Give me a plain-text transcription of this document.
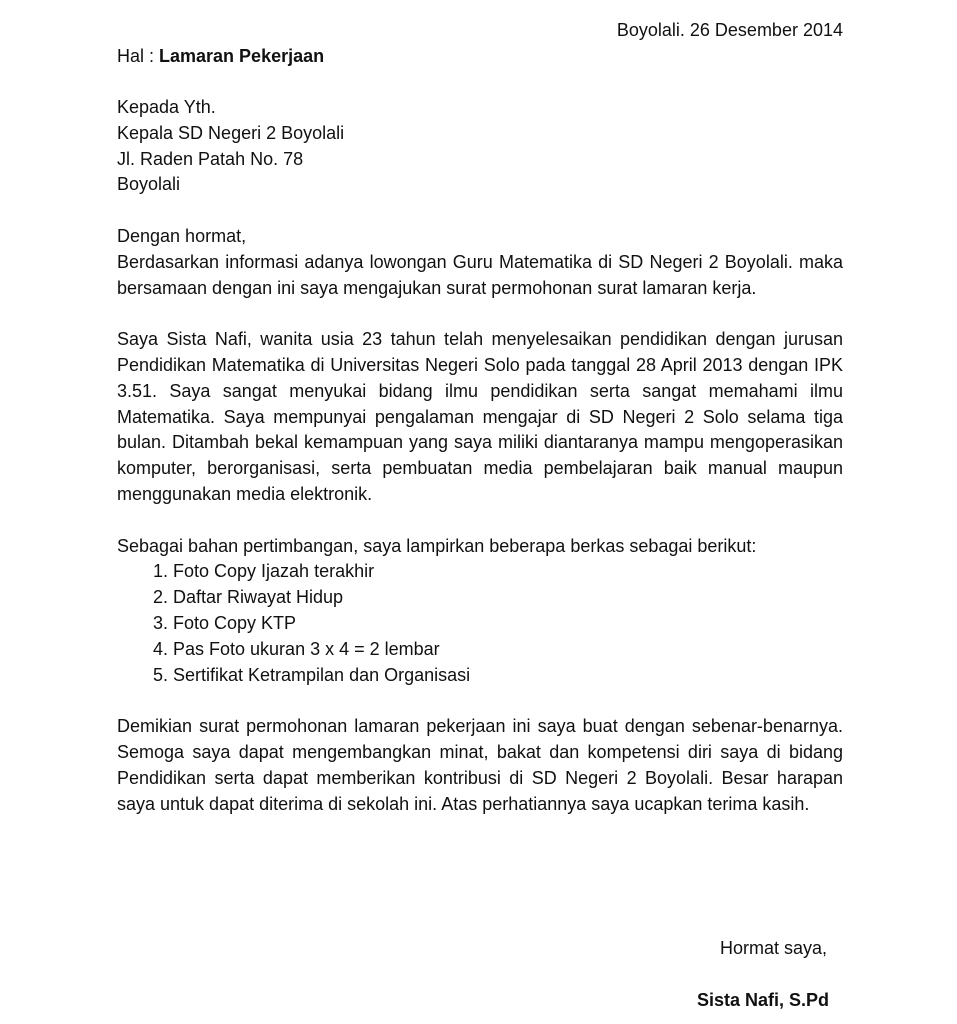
Boyolali. 26 Desember 2014
Hal : Lamaran Pekerjaan
Kepada Yth.
Kepala SD Negeri 2 Boyolali
Jl. Raden Patah No. 78
Boyolali
Dengan hormat,

Berdasarkan informasi adanya lowongan Guru Matematika di SD Negeri 2 Boyolali. maka bersamaan dengan ini saya mengajukan surat permohonan surat lamaran kerja.

Saya Sista Nafi, wanita usia 23 tahun telah menyelesaikan pendidikan dengan jurusan Pendidikan Matematika di Universitas Negeri Solo pada tanggal 28 April 2013 dengan IPK 3.51. Saya sangat menyukai bidang ilmu pendidikan serta sangat memahami ilmu Matematika. Saya mempunyai pengalaman mengajar di SD Negeri 2 Solo selama tiga bulan. Ditambah bekal kemampuan yang saya miliki diantaranya mampu mengoperasikan komputer, berorganisasi, serta pembuatan media pembelajaran baik manual maupun menggunakan media elektronik.

Sebagai bahan pertimbangan, saya lampirkan beberapa berkas sebagai berikut:

1. Foto Copy Ijazah terakhir
2. Daftar Riwayat Hidup
3. Foto Copy KTP
4. Pas Foto ukuran 3 x 4 = 2 lembar
5. Sertifikat Ketrampilan dan Organisasi

Demikian surat permohonan lamaran pekerjaan ini saya buat dengan sebenar-benarnya. Semoga saya dapat mengembangkan minat, bakat dan kompetensi diri saya di bidang Pendidikan serta dapat memberikan kontribusi di SD Negeri 2 Boyolali. Besar harapan saya untuk dapat diterima di sekolah ini. Atas perhatiannya saya ucapkan terima kasih.

Hormat saya,
Sista Nafi, S.Pd
